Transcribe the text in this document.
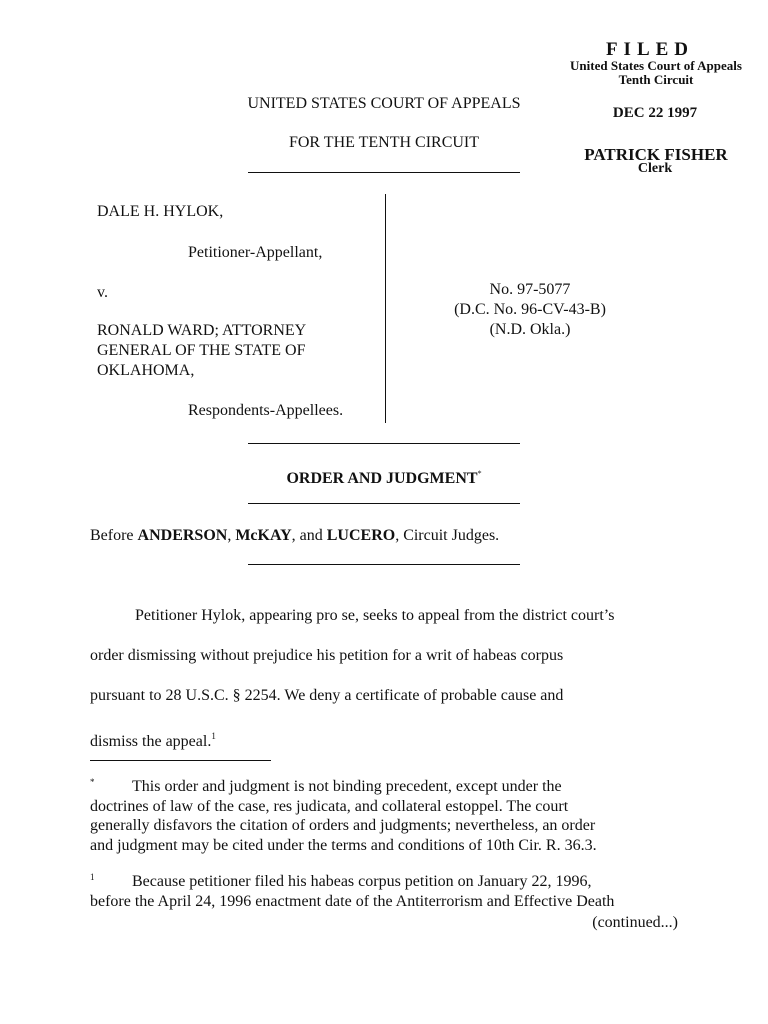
FILED
United States Court of Appeals
Tenth Circuit
DEC 22 1997
PATRICK FISHER
Clerk
UNITED STATES COURT OF APPEALS
FOR THE TENTH CIRCUIT
DALE H. HYLOK,
Petitioner-Appellant,
v.
RONALD WARD; ATTORNEY
GENERAL OF THE STATE OF
OKLAHOMA,
Respondents-Appellees.
No. 97-5077
(D.C. No. 96-CV-43-B)
(N.D. Okla.)
ORDER AND JUDGMENT*
Before ANDERSON, McKAY, and LUCERO, Circuit Judges.
Petitioner Hylok, appearing pro se, seeks to appeal from the district court’s
order dismissing without prejudice his petition for a writ of habeas corpus
pursuant to 28 U.S.C. § 2254. We deny a certificate of probable cause and
dismiss the appeal.$^1$
* This order and judgment is not binding precedent, except under the
doctrines of law of the case, res judicata, and collateral estoppel. The court
generally disfavors the citation of orders and judgments; nevertheless, an order
and judgment may be cited under the terms and conditions of 10th Cir. R. 36.3.
1 Because petitioner filed his habeas corpus petition on January 22, 1996,
before the April 24, 1996 enactment date of the Antiterrorism and Effective Death
(continued...)
